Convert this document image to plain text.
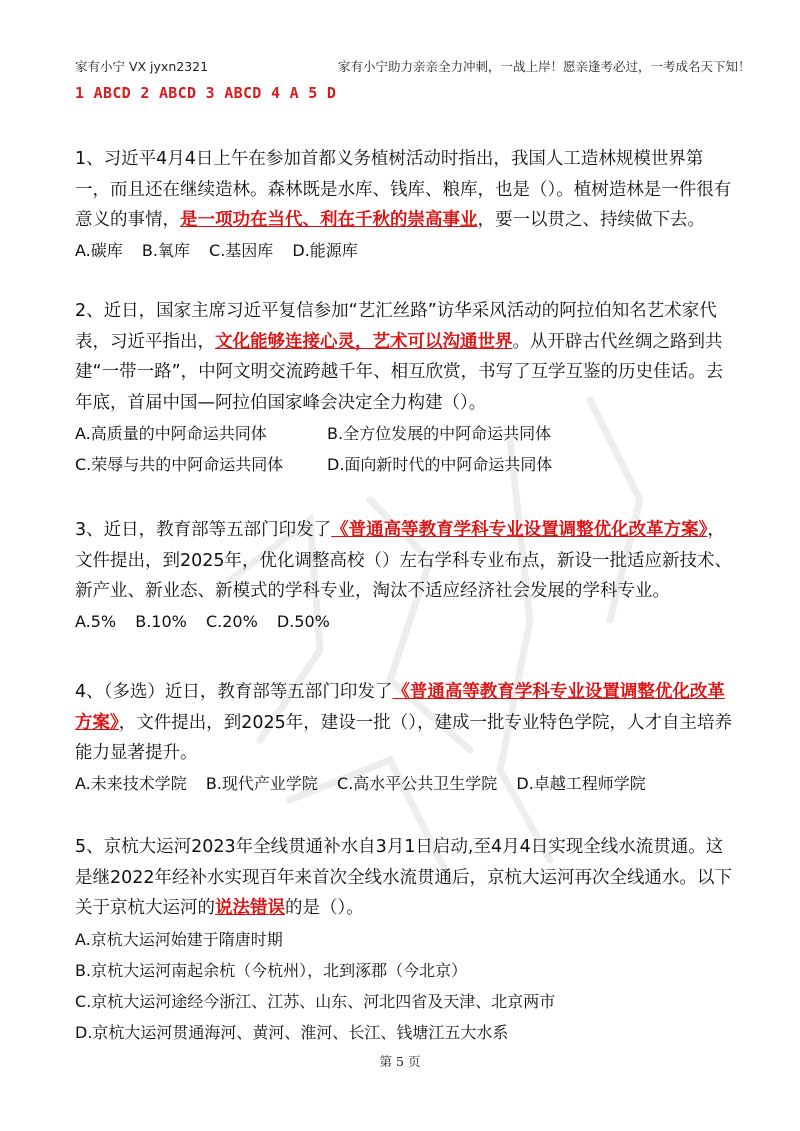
家有小宁 VX jyxn2321	家有小宁助力亲亲全力冲刺，一战上岸！愿亲逢考必过，一考成名天下知！
1 ABCD 2 ABCD 3 ABCD 4 A 5 D

1、习近平4月4日上午在参加首都义务植树活动时指出，我国人工造林规模世界第一，而且还在继续造林。森林既是水库、钱库、粮库，也是（）。植树造林是一件很有意义的事情，是一项功在当代、利在千秋的崇高事业，要一以贯之、持续做下去。

A.碳库 B.氧库 C.基因库 D.能源库

2、近日，国家主席习近平复信参加“艺汇丝路”访华采风活动的阿拉伯知名艺术家代表，习近平指出，文化能够连接心灵，艺术可以沟通世界。从开辟古代丝绸之路到共建“一带一路”，中阿文明交流跨越千年、相互欣赏，书写了互学互鉴的历史佳话。去年底，首届中国—阿拉伯国家峰会决定全力构建（）。

A.高质量的中阿命运共同体	B.全方位发展的中阿命运共同体
C.荣辱与共的中阿命运共同体	D.面向新时代的中阿命运共同体

3、近日，教育部等五部门印发了《普通高等教育学科专业设置调整优化改革方案》，文件提出，到2025年，优化调整高校（）左右学科专业布点，新设一批适应新技术、新产业、新业态、新模式的学科专业，淘汰不适应经济社会发展的学科专业。

A.5% B.10% C.20% D.50%

4、（多选）近日，教育部等五部门印发了《普通高等教育学科专业设置调整优化改革方案》，文件提出，到2025年，建设一批（），建成一批专业特色学院，人才自主培养能力显著提升。

A.未来技术学院 B.现代产业学院 C.高水平公共卫生学院 D.卓越工程师学院

5、京杭大运河2023年全线贯通补水自3月1日启动,至4月4日实现全线水流贯通。这是继2022年经补水实现百年来首次全线水流贯通后，京杭大运河再次全线通水。以下关于京杭大运河的说法错误的是（）。

A.京杭大运河始建于隋唐时期
B.京杭大运河南起余杭（今杭州），北到涿郡（今北京）
C.京杭大运河途经今浙江、江苏、山东、河北四省及天津、北京两市
D.京杭大运河贯通海河、黄河、淮河、长江、钱塘江五大水系
第 5 页
